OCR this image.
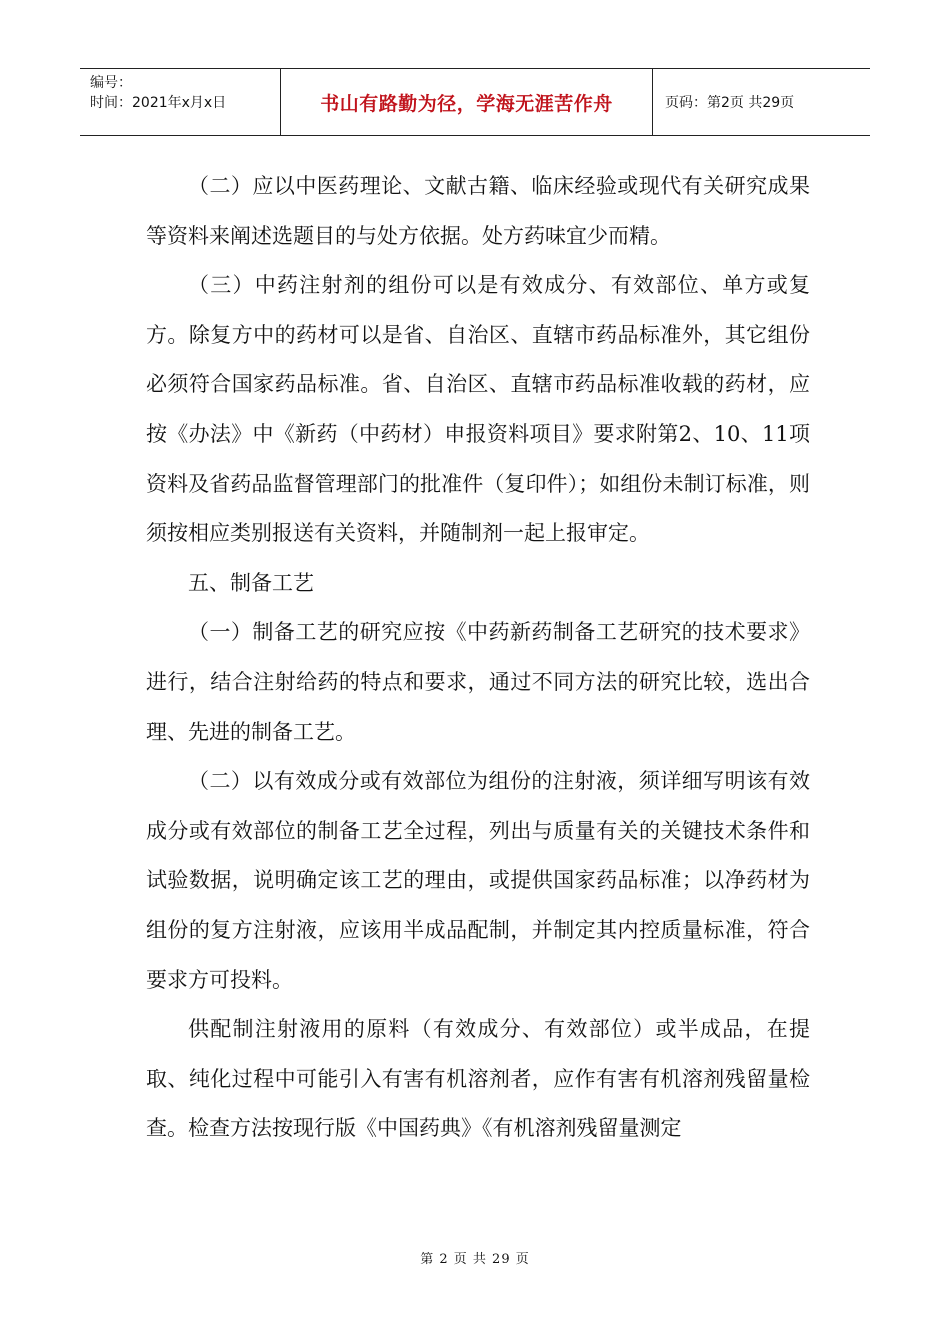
编号：
时间：2021年x月x日	书山有路勤为径，学海无涯苦作舟	页码：第2页 共29页

（二）应以中医药理论、文献古籍、临床经验或现代有关研究成果等资料来阐述选题目的与处方依据。处方药味宜少而精。

（三）中药注射剂的组份可以是有效成分、有效部位、单方或复方。除复方中的药材可以是省、自治区、直辖市药品标准外，其它组份必须符合国家药品标准。省、自治区、直辖市药品标准收载的药材，应按《办法》中《新药（中药材）申报资料项目》要求附第2、10、11项资料及省药品监督管理部门的批准件（复印件）；如组份未制订标准，则须按相应类别报送有关资料，并随制剂一起上报审定。

五、制备工艺

（一）制备工艺的研究应按《中药新药制备工艺研究的技术要求》进行，结合注射给药的特点和要求，通过不同方法的研究比较，选出合理、先进的制备工艺。

（二）以有效成分或有效部位为组份的注射液，须详细写明该有效成分或有效部位的制备工艺全过程，列出与质量有关的关键技术条件和试验数据，说明确定该工艺的理由，或提供国家药品标准；以净药材为组份的复方注射液，应该用半成品配制，并制定其内控质量标准，符合要求方可投料。

供配制注射液用的原料（有效成分、有效部位）或半成品，在提取、纯化过程中可能引入有害有机溶剂者，应作有害有机溶剂残留量检查。检查方法按现行版《中国药典》《有机溶剂残留量测定

第 2 页 共 29 页
